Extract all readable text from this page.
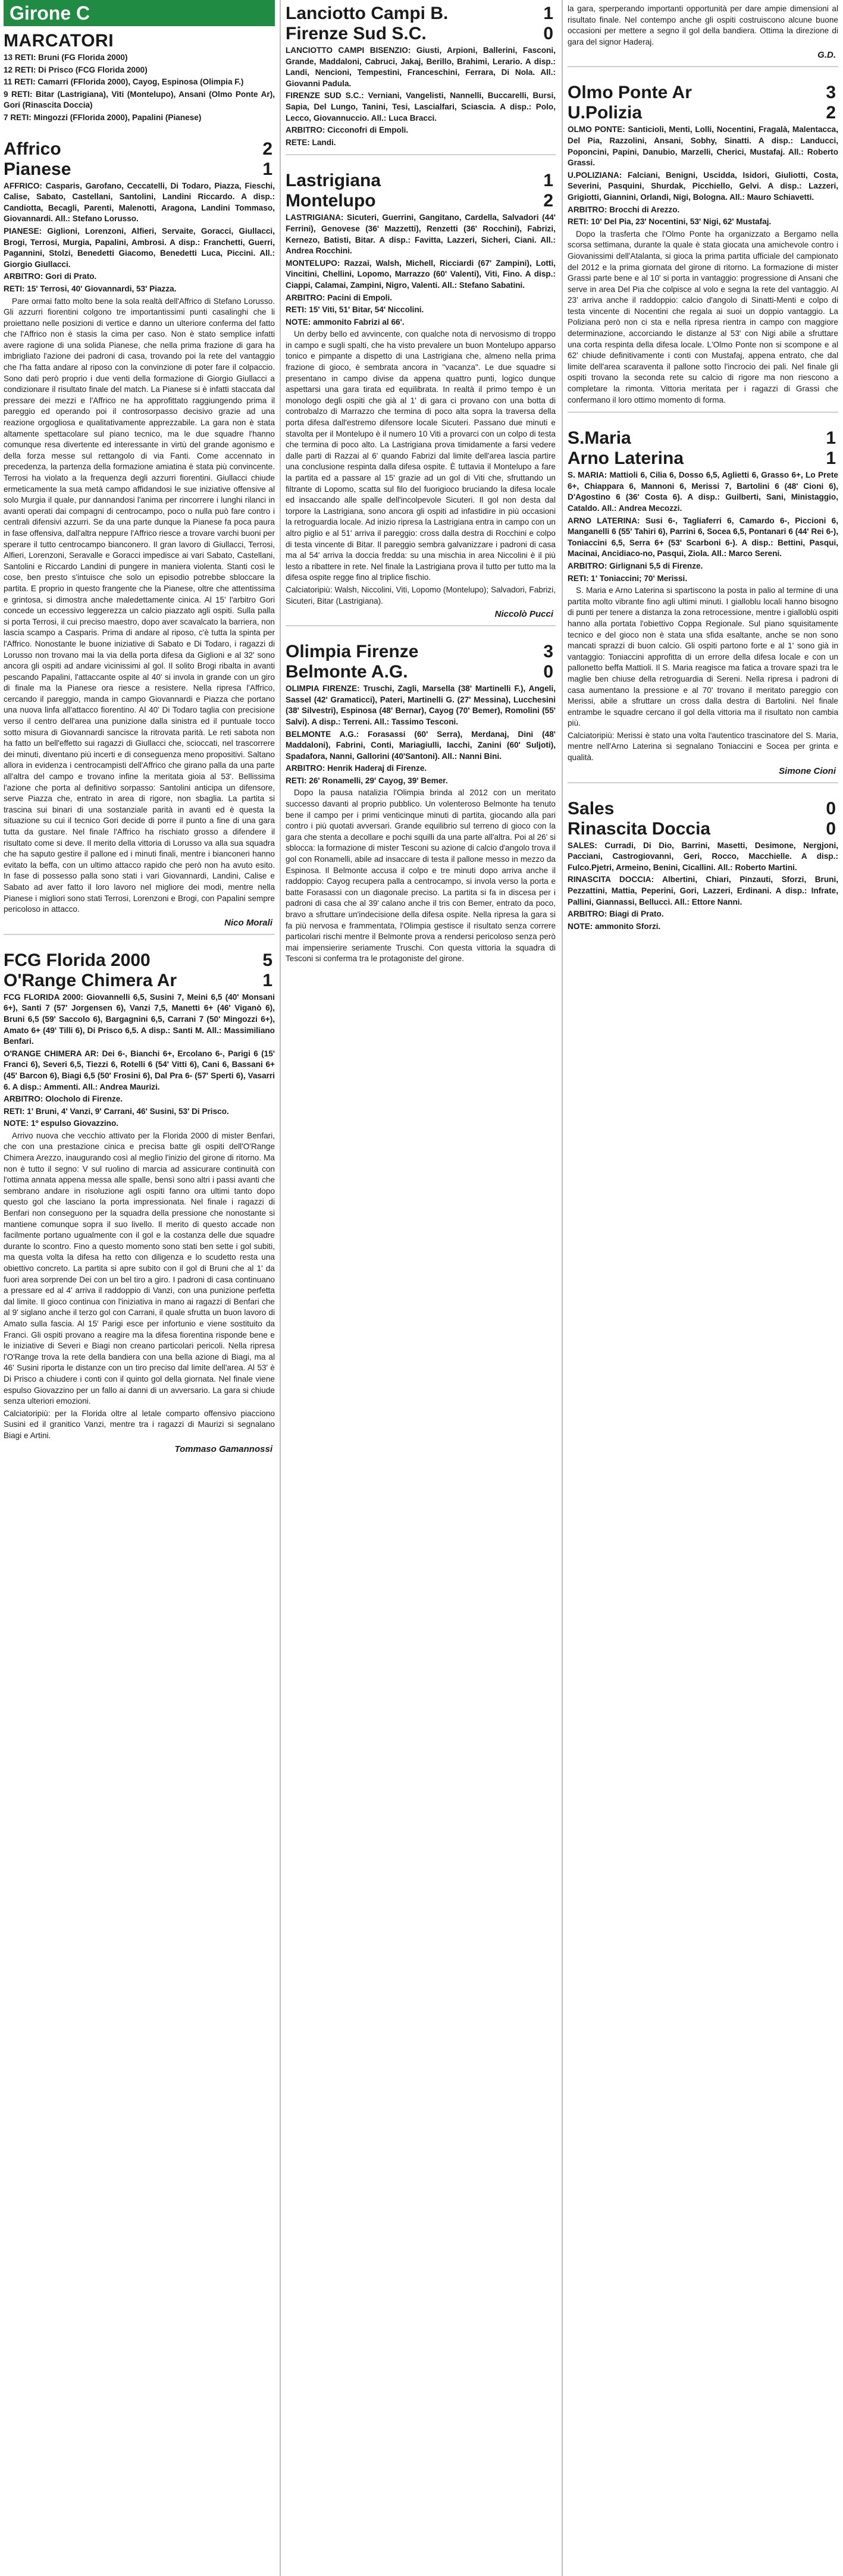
Girone C
MARCATORI
13 RETI: Bruni (FG Florida 2000)
12 RETI: Di Prisco (FCG Florida 2000)
11 RETI: Camarri (FFlorida 2000), Cayog, Espinosa (Olimpia F.)
9 RETI: Bitar (Lastrigiana), Viti (Montelupo), Ansani (Olmo Ponte Ar), Gori (Rinascita Doccia)
7 RETI: Mingozzi (FFlorida 2000), Papalini (Pianese)
Affrico	2
Pianese	1
AFFRICO: Casparis, Garofano, Ceccatelli, Di Todaro, Piazza, Fieschi, Calise, Sabato, Castellani, Santolini, Landini Riccardo. A disp.: Candiotta, Becagli, Parenti, Malenotti, Aragona, Landini Tommaso, Giovannardi. All.: Stefano Lorusso.
PIANESE: Giglioni, Lorenzoni, Alfieri, Servaite, Goracci, Giullacci, Brogi, Terrosi, Murgia, Papalini, Ambrosi. A disp.: Franchetti, Guerri, Pagannini, Stolzi, Benedetti Giacomo, Benedetti Luca, Piccini. All.: Giorgio Giullacci.
ARBITRO: Gori di Prato.
RETI: 15' Terrosi, 40' Giovannardi, 53' Piazza.
Pare ormai fatto molto bene la sola realtà dell'Affrico di Stefano Lorusso. Gli azzurri fiorentini colgono tre importantissimi punti casalinghi che li proiettano nelle posizioni di vertice e danno un ulteriore conferma del fatto che l'Affrico non è stasis la cima per caso. Non è stato semplice infatti avere ragione di una solida Pianese, che nella prima frazione di gara ha imbrigliato l'azione dei padroni di casa, trovando poi la rete del vantaggio che l'ha fatta andare al riposo con la convinzione di poter fare il colpaccio. Sono dati però proprio i due venti della formazione di Giorgio Giullacci a condizionare il risultato finale del match. La Pianese si è infatti staccata dal pressare dei mezzi e l'Affrico ne ha approfittato raggiungendo prima il pareggio ed operando poi il controsorpasso decisivo grazie ad una reazione orgogliosa e qualitativamente apprezzabile. La gara non è stata altamente spettacolare sul piano tecnico, ma le due squadre l'hanno comunque resa divertente ed interessante in virtù del grande agonismo e della forza messe sul rettangolo di via Fanti. Come accennato in precedenza, la partenza della formazione amiatina è stata più convincente. Terrosi ha violato a la frequenza degli azzurri fiorentini. Giullacci chiude ermeticamente la sua metà campo affidandosi le sue iniziative offensive al solo Murgia il quale, pur dannandosi l'anima per rincorrere i lunghi rilanci in avanti operati dai compagni di centrocampo, poco o nulla può fare contro i centrali difensivi azzurri. Se da una parte dunque la Pianese fa poca paura in fase offensiva, dall'altra neppure l'Affrico riesce a trovare varchi buoni per sperare il tutto centrocampo bianconero. Il gran lavoro di Giullacci, Terrosi, Alfieri, Lorenzoni, Seravalle e Goracci impedisce ai vari Sabato, Castellani, Santolini e Riccardo Landini di pungere in maniera violenta. Stanti così le cose, ben presto s'intuisce che solo un episodio potrebbe sbloccare la partita. E proprio in questo frangente che la Pianese, oltre che attentissima e grintosa, si dimostra anche maledettamente cinica. Al 15' l'arbitro Gori concede un eccessivo leggerezza un calcio piazzato agli ospiti. Sulla palla si porta Terrosi, il cui preciso maestro, dopo aver scavalcato la barriera, non lascia scampo a Casparis. Prima di andare al riposo, c'è tutta la spinta per l'Affrico. Nonostante le buone iniziative di Sabato e Di Todaro, i ragazzi di Lorusso non trovano mai la via della porta difesa da Giglioni e al 32' sono ancora gli ospiti ad andare vicinissimi al gol. Il solito Brogi ribalta in avanti pescando Papalini, l'attaccante ospite al 40' si invola in grande con un giro di finale ma la Pianese ora riesce a resistere. Nella ripresa l'Affrico, cercando il pareggio, manda in campo Giovannardi e Piazza che portano una nuova linfa all'attacco fiorentino. Al 40' Di Todaro taglia con precisione verso il centro dell'area una punizione dalla sinistra ed il puntuale tocco sotto misura di Giovannardi sancisce la ritrovata parità. Le reti sabota non ha fatto un bell'effetto sui ragazzi di Giullacci che, scioccati, nel trascorrere dei minuti, diventano più incerti e di conseguenza meno propositivi. Saltano allora in evidenza i centrocampisti dell'Affrico che girano palla da una parte all'altra del campo e trovano infine la meritata gioia al 53'. Bellissima l'azione che porta al definitivo sorpasso: Santolini anticipa un difensore, serve Piazza che, entrato in area di rigore, non sbaglia. La partita si trascina sui binari di una sostanziale parità in avanti ed è questa la situazione su cui il tecnico Gori decide di porre il punto a fine di una gara tutta da gustare. Nel finale l'Affrico ha rischiato grosso a difendere il risultato come si deve. Il merito della vittoria di Lorusso va alla sua squadra che ha saputo gestire il pallone ed i minuti finali, mentre i bianconeri hanno evitato la beffa, con un ultimo attacco rapido che però non ha avuto esito. In fase di possesso palla sono stati i vari Giovannardi, Landini, Calise e Sabato ad aver fatto il loro lavoro nel migliore dei modi, mentre nella Pianese i migliori sono stati Terrosi, Lorenzoni e Brogi, con Papalini sempre pericoloso in attacco.
Nico Morali
FCG Florida 2000	5
O'Range Chimera Ar	1
FCG FLORIDA 2000: Giovannelli 6,5, Susini 7, Meini 6,5 (40' Monsani 6+), Santi 7 (57' Jorgensen 6), Vanzi 7,5, Manetti 6+ (46' Viganò 6), Bruni 6,5 (59' Saccolo 6), Bargagnini 6,5, Carrani 7 (50' Mingozzi 6+), Amato 6+ (49' Tilli 6), Di Prisco 6,5. A disp.: Santi M. All.: Massimiliano Benfari.
O'RANGE CHIMERA AR: Dei 6-, Bianchi 6+, Ercolano 6-, Parigi 6 (15' Franci 6), Severi 6,5, Tiezzi 6, Rotelli 6 (54' Vitti 6), Cani 6, Bassani 6+ (45' Barcon 6), Biagi 6,5 (50' Frosini 6), Dal Pra 6- (57' Sperti 6), Vasarri 6. A disp.: Ammenti. All.: Andrea Maurizi.
ARBITRO: Olocholo di Firenze.
RETI: 1' Bruni, 4' Vanzi, 9' Carrani, 46' Susini, 53' Di Prisco.
NOTE: 1º espulso Giovazzino.
Arrivo nuova che vecchio attivato per la Florida 2000 di mister Benfari, che con una prestazione cinica e precisa batte gli ospiti dell'O'Range Chimera Arezzo, inaugurando così al meglio l'inizio del girone di ritorno. Ma non è tutto il segno: V sul ruolino di marcia ad assicurare continuità con l'ottima annata appena messa alle spalle, bensì sono altri i passi avanti che sembrano andare in risoluzione agli ospiti fanno ora ultimi tanto dopo questo gol che lasciano la porta impressionata. Nel finale i ragazzi di Benfari non conseguono per la squadra della pressione che nonostante si mantiene comunque sopra il suo livello. Il merito di questo accade non facilmente portano ugualmente con il gol e la costanza delle due squadre durante lo scontro. Fino a questo momento sono stati ben sette i gol subiti, ma questa volta la difesa ha retto con diligenza e lo scudetto resta una obiettivo concreto. La partita si apre subito con il gol di Bruni che al 1' da fuori area sorprende Dei con un bel tiro a giro. I padroni di casa continuano a pressare ed al 4' arriva il raddoppio di Vanzi, con una punizione perfetta dal limite. Il gioco continua con l'iniziativa in mano ai ragazzi di Benfari che al 9' siglano anche il terzo gol con Carrani, il quale sfrutta un buon lavoro di Amato sulla fascia. Al 15' Parigi esce per infortunio e viene sostituito da Franci. Gli ospiti provano a reagire ma la difesa fiorentina risponde bene e le iniziative di Severi e Biagi non creano particolari pericoli. Nella ripresa l'O'Range trova la rete della bandiera con una bella azione di Biagi, ma al 46' Susini riporta le distanze con un tiro preciso dal limite dell'area. Al 53' è Di Prisco a chiudere i conti con il quinto gol della giornata. Nel finale viene espulso Giovazzino per un fallo ai danni di un avversario. La gara si chiude senza ulteriori emozioni.
Calciatoripiù: per la Florida oltre al letale comparto offensivo piacciono Susini ed il granitico Vanzi, mentre tra i ragazzi di Maurizi si segnalano Biagi e Artini.
Tommaso Gamannossi
Lanciotto Campi B.	1
Firenze Sud S.C.	0
LANCIOTTO CAMPI BISENZIO: Giusti, Arpioni, Ballerini, Fasconi, Grande, Maddaloni, Cabruci, Jakaj, Berillo, Brahimi, Lerario. A disp.: Landi, Nencioni, Tempestini, Franceschini, Ferrara, Di Nola. All.: Giovanni Padula.
FIRENZE SUD S.C.: Verniani, Vangelisti, Nannelli, Buccarelli, Bursi, Sapia, Del Lungo, Tanini, Tesi, Lascialfari, Sciascia. A disp.: Polo, Lecco, Giovannuccio. All.: Luca Bracci.
ARBITRO: Cicconofri di Empoli.
RETE: Landi.
Lastrigiana	1
Montelupo	2
LASTRIGIANA: Sicuteri, Guerrini, Gangitano, Cardella, Salvadori (44' Ferrini), Genovese (36' Mazzetti), Renzetti (36' Rocchini), Fabrizi, Kernezo, Batisti, Bitar. A disp.: Favitta, Lazzeri, Sicheri, Ciani. All.: Andrea Rocchini.
MONTELUPO: Razzai, Walsh, Michell, Ricciardi (67' Zampini), Lotti, Vincitini, Chellini, Lopomo, Marrazzo (60' Valenti), Viti, Fino. A disp.: Ciappi, Calamai, Zampini, Nigro, Valenti. All.: Stefano Sabatini.
ARBITRO: Pacini di Empoli.
RETI: 15' Viti, 51' Bitar, 54' Niccolini.
NOTE: ammonito Fabrizi al 66'.
Un derby bello ed avvincente, con qualche nota di nervosismo di troppo in campo e sugli spalti, che ha visto prevalere un buon Montelupo apparso tonico e pimpante a dispetto di una Lastrigiana che, almeno nella prima frazione di gioco, è sembrata ancora in "vacanza". Le due squadre si presentano in campo divise da appena quattro punti, logico dunque aspettarsi una gara tirata ed equilibrata. In realtà il primo tempo è un monologo degli ospiti che già al 1' di gara ci provano con una botta di controbalzo di Marrazzo che termina di poco alta sopra la traversa della porta difesa dall'estremo difensore locale Sicuteri. Passano due minuti e stavolta per il Montelupo è il numero 10 Viti a provarci con un colpo di testa che termina di poco alto. La Lastrigiana prova timidamente a farsi vedere dalle parti di Razzai al 6' quando Fabrizi dal limite dell'area lascia partire una conclusione respinta dalla difesa ospite. È tuttavia il Montelupo a fare la partita ed a passare al 15' grazie ad un gol di Viti che, sfruttando un filtrante di Lopomo, scatta sul filo del fuorigioco bruciando la difesa locale ed insaccando alle spalle dell'incolpevole Sicuteri. Il gol non desta dal torpore la Lastrigiana, sono ancora gli ospiti ad infastidire in più occasioni la retroguardia locale. Ad inizio ripresa la Lastrigiana entra in campo con un altro piglio e al 51' arriva il pareggio: cross dalla destra di Rocchini e colpo di testa vincente di Bitar. Il pareggio sembra galvanizzare i padroni di casa ma al 54' arriva la doccia fredda: su una mischia in area Niccolini è il più lesto a ribattere in rete. Nel finale la Lastrigiana prova il tutto per tutto ma la difesa ospite regge fino al triplice fischio.
Calciatoripiù: Walsh, Niccolini, Viti, Lopomo (Montelupo); Salvadori, Fabrizi, Sicuteri, Bitar (Lastrigiana).
Niccolò Pucci
Olimpia Firenze	3
Belmonte A.G.	0
OLIMPIA FIRENZE: Truschi, Zagli, Marsella (38' Martinelli F.), Angeli, Sassel (42' Gramaticci), Pateri, Martinelli G. (27' Messina), Lucchesini (38' Silvestri), Espinosa (48' Bernar), Cayog (70' Bemer), Romolini (55' Salvi). A disp.: Terreni. All.: Tassimo Tesconi.
BELMONTE A.G.: Forasassi (60' Serra), Merdanaj, Dini (48' Maddaloni), Fabrini, Conti, Mariagiulli, Iacchi, Zanini (60' Suljoti), Spadafora, Nanni, Gallorini (40'Santoni). All.: Nanni Bini.
ARBITRO: Henrik Haderaj di Firenze.
RETI: 26' Ronamelli, 29' Cayog, 39' Bemer.
Dopo la pausa natalizia l'Olimpia brinda al 2012 con un meritato successo davanti al proprio pubblico. Un volenteroso Belmonte ha tenuto bene il campo per i primi venticinque minuti di partita, giocando alla pari contro i più quotati avversari. Grande equilibrio sul terreno di gioco con la gara che stenta a decollare e pochi squilli da una parte all'altra. Poi al 26' si sblocca: la formazione di mister Tesconi su azione di calcio d'angolo trova il gol con Ronamelli, abile ad insaccare di testa il pallone messo in mezzo da Espinosa. Il Belmonte accusa il colpo e tre minuti dopo arriva anche il raddoppio: Cayog recupera palla a centrocampo, si invola verso la porta e batte Forasassi con un diagonale preciso. La partita si fa in discesa per i padroni di casa che al 39' calano anche il tris con Bemer, entrato da poco, bravo a sfruttare un'indecisione della difesa ospite. Nella ripresa la gara si fa più nervosa e frammentata, l'Olimpia gestisce il risultato senza correre particolari rischi mentre il Belmonte prova a rendersi pericoloso senza però mai impensierire seriamente Truschi. Con questa vittoria la squadra di Tesconi si conferma tra le protagoniste del girone.
la gara, sperperando importanti opportunità per dare ampie dimensioni al risultato finale. Nel contempo anche gli ospiti costruiscono alcune buone occasioni per mettere a segno il gol della bandiera. Ottima la direzione di gara del signor Haderaj.
G.D.
Olmo Ponte Ar	3
U.Polizia	2
OLMO PONTE: Santicioli, Menti, Lolli, Nocentini, Fragalà, Malentacca, Del Pia, Razzolini, Ansani, Sobhy, Sinatti. A disp.: Landucci, Poponcini, Papini, Danubio, Marzelli, Cherici, Mustafaj. All.: Roberto Grassi.
U.POLIZIANA: Falciani, Benigni, Uscidda, Isidori, Giuliotti, Costa, Severini, Pasquini, Shurdak, Picchiello, Gelvi. A disp.: Lazzeri, Grigiotti, Giannini, Orlandi, Nigi, Bologna. All.: Mauro Schiavetti.
ARBITRO: Brocchi di Arezzo.
RETI: 10' Del Pia, 23' Nocentini, 53' Nigi, 62' Mustafaj.
Dopo la trasferta che l'Olmo Ponte ha organizzato a Bergamo nella scorsa settimana, durante la quale è stata giocata una amichevole contro i Giovanissimi dell'Atalanta, si gioca la prima partita ufficiale del campionato del 2012 e la prima giornata del girone di ritorno. La formazione di mister Grassi parte bene e al 10' si porta in vantaggio: progressione di Ansani che serve in area Del Pia che colpisce al volo e segna la rete del vantaggio. Al 23' arriva anche il raddoppio: calcio d'angolo di Sinatti-Menti e colpo di testa vincente di Nocentini che regala ai suoi un doppio vantaggio. La Poliziana però non ci sta e nella ripresa rientra in campo con maggiore determinazione, accorciando le distanze al 53' con Nigi abile a sfruttare una corta respinta della difesa locale. L'Olmo Ponte non si scompone e al 62' chiude definitivamente i conti con Mustafaj, appena entrato, che dal limite dell'area scaraventa il pallone sotto l'incrocio dei pali. Nel finale gli ospiti trovano la seconda rete su calcio di rigore ma non riescono a completare la rimonta. Vittoria meritata per i ragazzi di Grassi che confermano il loro ottimo momento di forma.
S.Maria	1
Arno Laterina	1
S. MARIA: Mattioli 6, Cilia 6, Dosso 6,5, Aglietti 6, Grasso 6+, Lo Prete 6+, Chiappara 6, Mannoni 6, Merissi 7, Bartolini 6 (48' Cioni 6), D'Agostino 6 (36' Costa 6). A disp.: Guilberti, Sani, Ministaggio, Cataldo. All.: Andrea Mecozzi.
ARNO LATERINA: Susi 6-, Tagliaferri 6, Camardo 6-, Piccioni 6, Manganelli 6 (55' Tahiri 6), Parrini 6, Socea 6,5, Pontanari 6 (44' Rei 6-), Toniaccini 6,5, Serra 6+ (53' Scarboni 6-). A disp.: Bettini, Pasqui, Macinai, Ancidiaco-no, Pasqui, Ziola. All.: Marco Sereni.
ARBITRO: Girlignani 5,5 di Firenze.
RETI: 1' Toniaccini; 70' Merissi.
S. Maria e Arno Laterina si spartiscono la posta in palio al termine di una partita molto vibrante fino agli ultimi minuti. I gialloblu locali hanno bisogno di punti per tenere a distanza la zona retrocessione, mentre i gialloblù ospiti hanno alla portata l'obiettivo Coppa Regionale. Sul piano squisitamente tecnico e del gioco non è stata una sfida esaltante, anche se non sono mancati sprazzi di buon calcio. Gli ospiti partono forte e al 1' sono già in vantaggio: Toniaccini approfitta di un errore della difesa locale e con un pallonetto beffa Mattioli. Il S. Maria reagisce ma fatica a trovare spazi tra le maglie ben chiuse della retroguardia di Sereni. Nella ripresa i padroni di casa aumentano la pressione e al 70' trovano il meritato pareggio con Merissi, abile a sfruttare un cross dalla destra di Bartolini. Nel finale entrambe le squadre cercano il gol della vittoria ma il risultato non cambia più.
Calciatoripiù: Merissi è stato una volta l'autentico trascinatore del S. Maria, mentre nell'Arno Laterina si segnalano Toniaccini e Socea per grinta e qualità.
Simone Cioni
Sales	0
Rinascita Doccia	0
SALES: Curradi, Di Dio, Barrini, Masetti, Desimone, Nergjoni, Pacciani, Castrogiovanni, Geri, Rocco, Macchielle. A disp.: Fulco.Pjetri, Armeino, Benini, Cicallini. All.: Roberto Martini.
RINASCITA DOCCIA: Albertini, Chiari, Pinzauti, Sforzi, Bruni, Pezzattini, Mattia, Peperini, Gori, Lazzeri, Erdinani. A disp.: Infrate, Pallini, Giannassi, Bellucci. All.: Ettore Nanni.
ARBITRO: Biagi di Prato.
NOTE: ammonito Sforzi.
